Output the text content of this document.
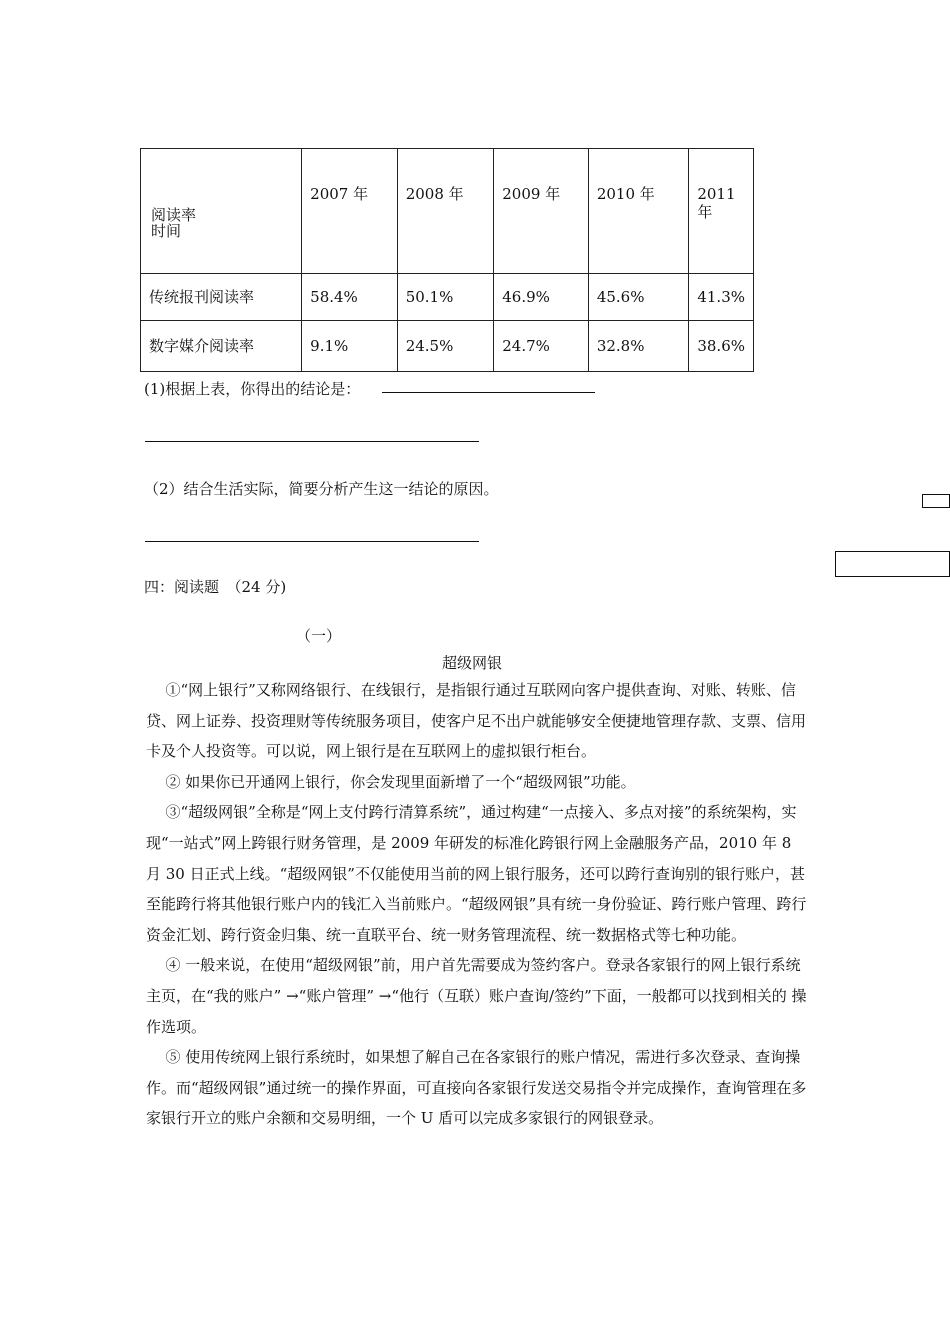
阅读率
时间	2007 年	2008 年	2009 年	2010 年	2011 年
传统报刊阅读率	58.4%	50.1%	46.9%	45.6%	41.3%
数字媒介阅读率	9.1%	24.5%	24.7%	32.8%	38.6%
(1)根据上表，你得出的结论是：
（2）结合生活实际，简要分析产生这一结论的原因。
四：阅读题　（24 分)
（一）
超级网银

①“网上银行”又称网络银行、在线银行，是指银行通过互联网向客户提供查询、对账、转账、信贷、网上证券、投资理财等传统服务项目，使客户足不出户就能够安全便捷地管理存款、支票、信用卡及个人投资等。可以说，网上银行是在互联网上的虚拟银行柜台。

② 如果你已开通网上银行，你会发现里面新增了一个“超级网银”功能。

③“超级网银”全称是“网上支付跨行清算系统”，通过构建“一点接入、多点对接”的系统架构，实现“一站式”网上跨银行财务管理，是 2009 年研发的标准化跨银行网上金融服务产品，2010 年 8 月 30 日正式上线。“超级网银”不仅能使用当前的网上银行服务，还可以跨行查询别的银行账户，甚至能跨行将其他银行账户内的钱汇入当前账户。“超级网银”具有统一身份验证、跨行账户管理、跨行资金汇划、跨行资金归集、统一直联平台、统一财务管理流程、统一数据格式等七种功能。

④ 一般来说，在使用“超级网银”前，用户首先需要成为签约客户。登录各家银行的网上银行系统主页，在“我的账户” →“账户管理” →“他行（互联）账户查询/签约”下面，一般都可以找到相关的 操作选项。

⑤ 使用传统网上银行系统时，如果想了解自己在各家银行的账户情况，需进行多次登录、查询操作。而“超级网银”通过统一的操作界面，可直接向各家银行发送交易指令并完成操作，查询管理在多家银行开立的账户余额和交易明细，一个 U 盾可以完成多家银行的网银登录。
